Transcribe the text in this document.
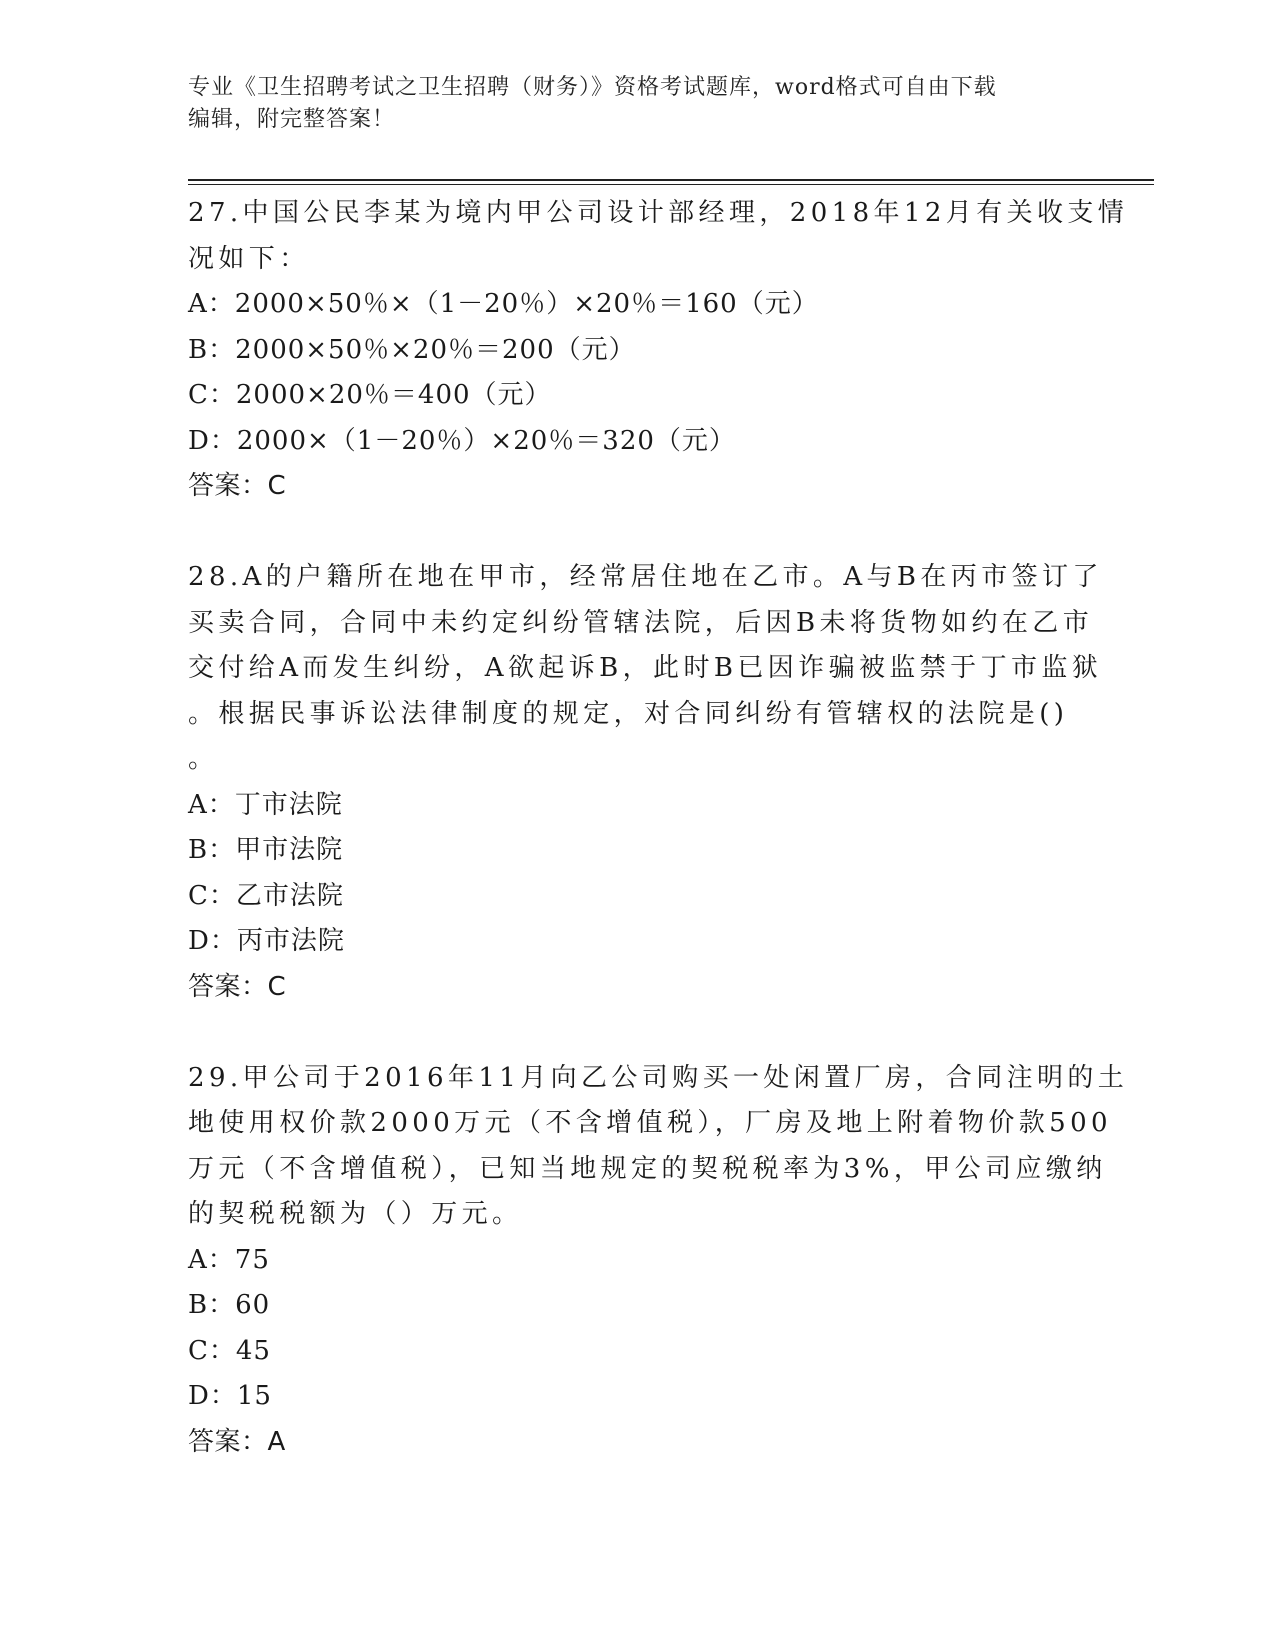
专业《卫生招聘考试之卫生招聘（财务）》资格考试题库，word格式可自由下载
编辑，附完整答案！
27.中国公民李某为境内甲公司设计部经理，2018年12月有关收支情
况如下：
A：2000×50％×（1－20％）×20％＝160（元）
B：2000×50％×20％＝200（元）
C：2000×20％＝400（元）
D：2000×（1－20％）×20％＝320（元）
答案：C
28.A的户籍所在地在甲市，经常居住地在乙市。A与B在丙市签订了
买卖合同，合同中未约定纠纷管辖法院，后因B未将货物如约在乙市
交付给A而发生纠纷，A欲起诉B，此时B已因诈骗被监禁于丁市监狱
。根据民事诉讼法律制度的规定，对合同纠纷有管辖权的法院是()
。
A：丁市法院
B：甲市法院
C：乙市法院
D：丙市法院
答案：C
29.甲公司于2016年11月向乙公司购买一处闲置厂房，合同注明的土
地使用权价款2000万元（不含增值税），厂房及地上附着物价款500
万元（不含增值税），已知当地规定的契税税率为3%，甲公司应缴纳
的契税税额为（）万元。
A：75
B：60
C：45
D：15
答案：A
